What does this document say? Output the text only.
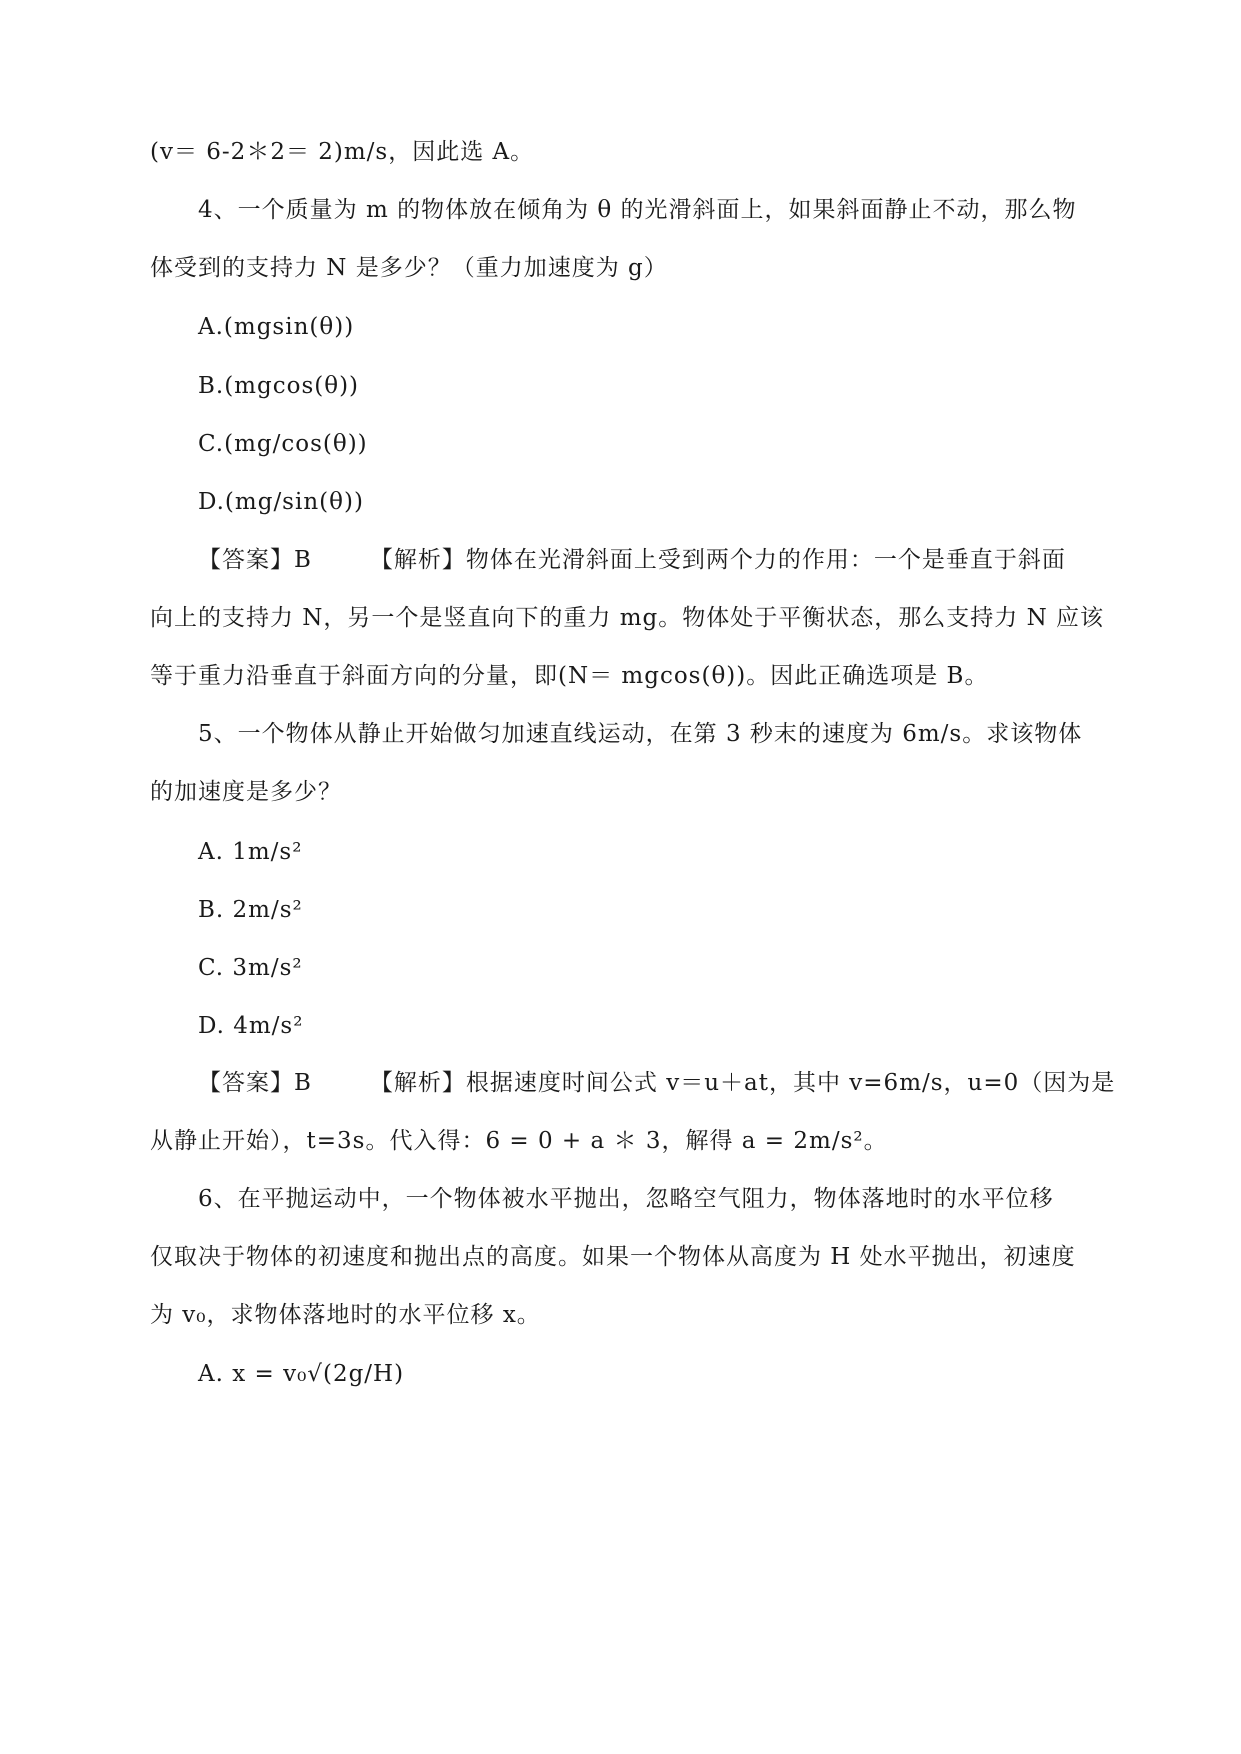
(v＝ 6-2＊2＝ 2)m/s，因此选 A。
4、一个质量为 m 的物体放在倾角为 θ 的光滑斜面上，如果斜面静止不动，那么物
体受到的支持力 N 是多少？（重力加速度为 g）
A.(mgsin(θ))
B.(mgcos(θ))
C.(mg/cos(θ))
D.(mg/sin(θ))
【答案】B	【解析】物体在光滑斜面上受到两个力的作用：一个是垂直于斜面
向上的支持力 N，另一个是竖直向下的重力 mg。物体处于平衡状态，那么支持力 N 应该
等于重力沿垂直于斜面方向的分量，即(N＝ mgcos(θ))。因此正确选项是 B。
5、一个物体从静止开始做匀加速直线运动，在第 3 秒末的速度为 6m/s。求该物体
的加速度是多少？
A. 1m/s²
B. 2m/s²
C. 3m/s²
D. 4m/s²
【答案】B	【解析】根据速度时间公式 v＝u＋at，其中 v=6m/s，u=0（因为是
从静止开始），t=3s。代入得：6 = 0 + a ＊ 3，解得 a = 2m/s²。
6、在平抛运动中，一个物体被水平抛出，忽略空气阻力，物体落地时的水平位移
仅取决于物体的初速度和抛出点的高度。如果一个物体从高度为 H 处水平抛出，初速度
为 v₀，求物体落地时的水平位移 x。
A. x = v₀√(2g/H)
